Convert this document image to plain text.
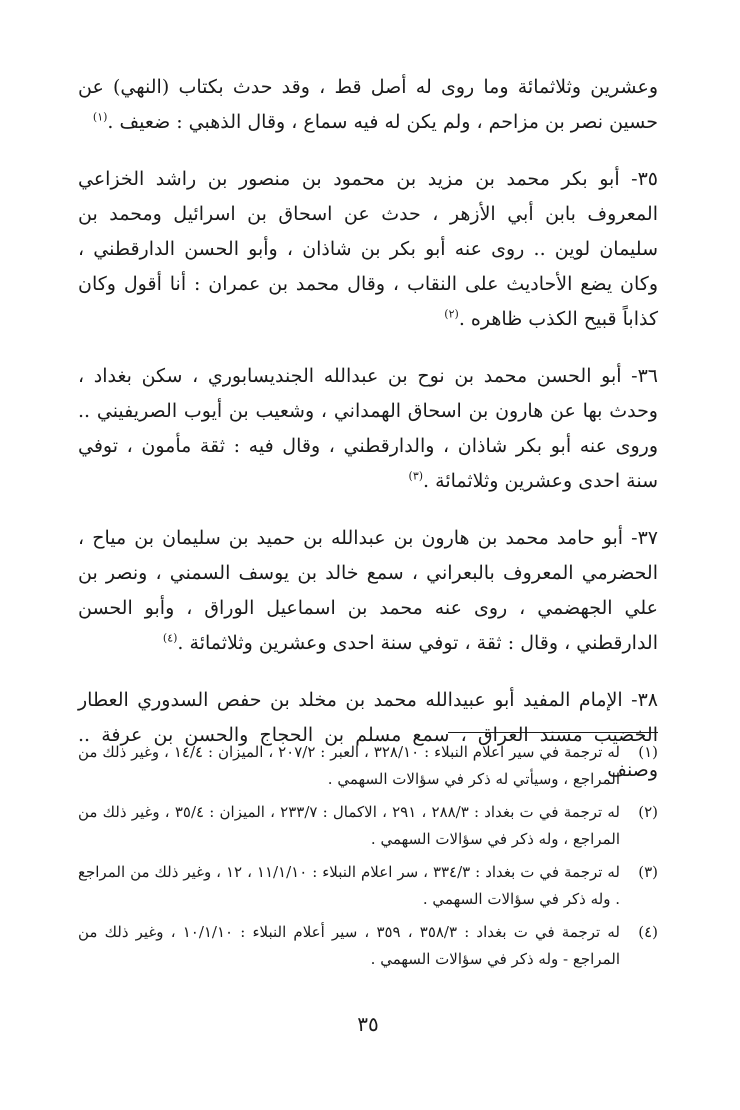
وعشرين وثلاثمائة وما روى له أصل قط ، وقد حدث بكتاب (النهي) عن حسين نصر بن مزاحم ، ولم يكن له فيه سماع ، وقال الذهبي : ضعيف .$^{(١)}$

٣٥- أبو بكر محمد بن مزيد بن محمود بن منصور بن راشد الخزاعي المعروف بابن أبي الأزهر ، حدث عن اسحاق بن اسرائيل ومحمد بن سليمان لوين .. روى عنه أبو بكر بن شاذان ، وأبو الحسن الدارقطني ، وكان يضع الأحاديث على النقاب ، وقال محمد بن عمران : أنا أقول وكان كذاباً قبيح الكذب ظاهره .$^{(٢)}$

٣٦- أبو الحسن محمد بن نوح بن عبدالله الجنديسابوري ، سكن بغداد ، وحدث بها عن هارون بن اسحاق الهمداني ، وشعيب بن أيوب الصريفيني .. وروى عنه أبو بكر شاذان ، والدارقطني ، وقال فيه : ثقة مأمون ، توفي سنة احدى وعشرين وثلاثمائة .$^{(٣)}$

٣٧- أبو حامد محمد بن هارون بن عبدالله بن حميد بن سليمان بن مياح ، الحضرمي المعروف بالبعراني ، سمع خالد بن يوسف السمني ، ونصر بن علي الجهضمي ، روى عنه محمد بن اسماعيل الوراق ، وأبو الحسن الدارقطني ، وقال : ثقة ، توفي سنة احدى وعشرين وثلاثمائة .$^{(٤)}$

٣٨- الإمام المفيد أبو عبيدالله محمد بن مخلد بن حفص السدوري العطار الخضيب مسند العراق ، سمع مسلم بن الحجاج والحسن بن عرفة .. وصنف

(١)
له ترجمة في سير اعلام النبلاء : ٣٢٨/١٠ ، العبر : ٢٠٧/٢ ، الميزان : ١٤/٤ ، وغير ذلك من المراجع ، وسيأتي له ذكر في سؤالات السهمي .
(٢)
له ترجمة في ت بغداد : ٢٨٨/٣ ، ٢٩١ ، الاكمال : ٢٣٣/٧ ، الميزان : ٣٥/٤ ، وغير ذلك من المراجع ، وله ذكر في سؤالات السهمي .
(٣)
له ترجمة في ت بغداد : ٣٣٤/٣ ، سر اعلام النبلاء : ١١/١/١٠ ، ١٢ ، وغير ذلك من المراجع . وله ذكر في سؤالات السهمي .
(٤)
له ترجمة في ت بغداد : ٣٥٨/٣ ، ٣٥٩ ، سير أعلام النبلاء : ١٠/١/١٠ ، وغير ذلك من المراجع - وله ذكر في سؤالات السهمي .
٣٥
